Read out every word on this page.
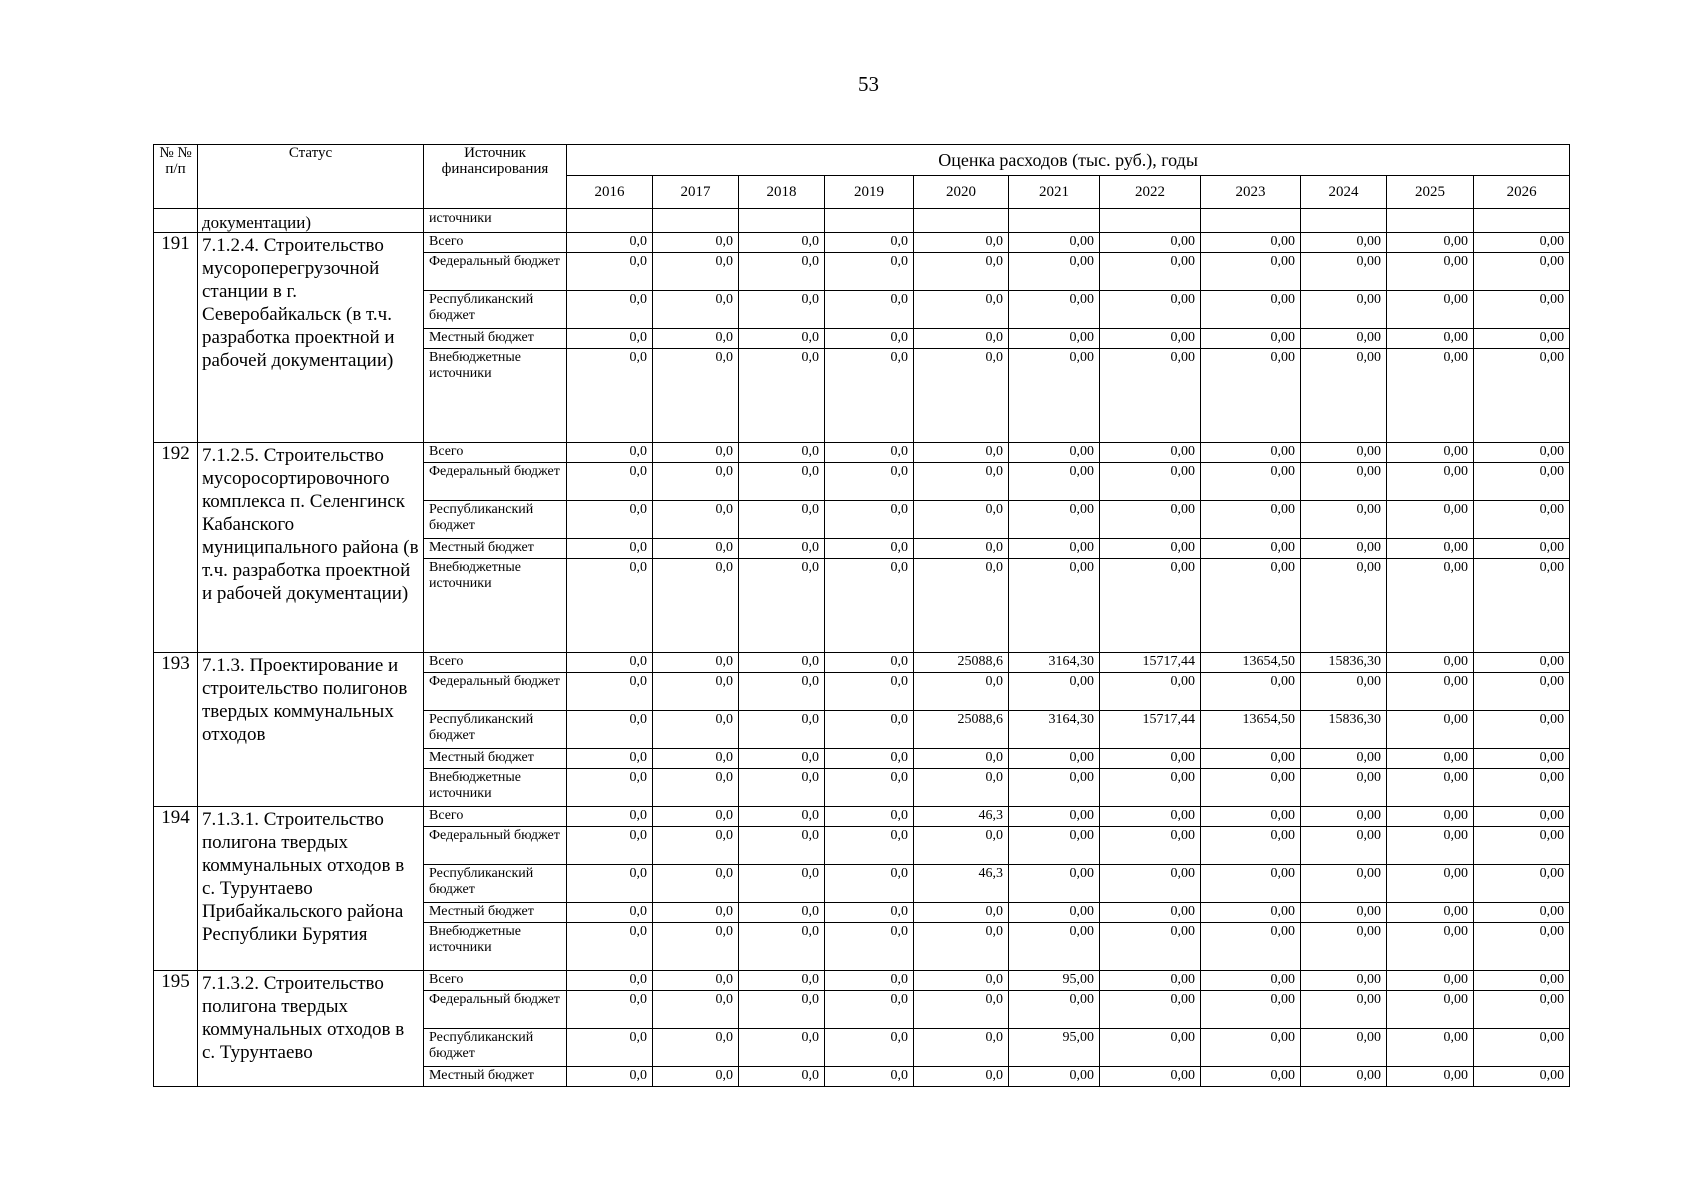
53
№ № п/п	Статус	Источник финансирования	Оценка расходов (тыс. руб.), годы										
			2016	2017	2018	2019	2020	2021	2022	2023	2024	2025	2026
	документации)	источники											
191	7.1.2.4. Строительство мусороперегрузочной станции в г. Северобайкальск (в т.ч. разработка проектной и рабочей документации)	Всего	0,0	0,0	0,0	0,0	0,0	0,00	0,00	0,00	0,00	0,00	0,00
		Федеральный бюджет	0,0	0,0	0,0	0,0	0,0	0,00	0,00	0,00	0,00	0,00	0,00
		Республиканский бюджет	0,0	0,0	0,0	0,0	0,0	0,00	0,00	0,00	0,00	0,00	0,00
		Местный бюджет	0,0	0,0	0,0	0,0	0,0	0,00	0,00	0,00	0,00	0,00	0,00
		Внебюджетные источники	0,0	0,0	0,0	0,0	0,0	0,00	0,00	0,00	0,00	0,00	0,00
192	7.1.2.5. Строительство мусоросортировочного комплекса п. Селенгинск Кабанского муниципального района (в т.ч. разработка проектной и рабочей документации)	Всего	0,0	0,0	0,0	0,0	0,0	0,00	0,00	0,00	0,00	0,00	0,00
		Федеральный бюджет	0,0	0,0	0,0	0,0	0,0	0,00	0,00	0,00	0,00	0,00	0,00
		Республиканский бюджет	0,0	0,0	0,0	0,0	0,0	0,00	0,00	0,00	0,00	0,00	0,00
		Местный бюджет	0,0	0,0	0,0	0,0	0,0	0,00	0,00	0,00	0,00	0,00	0,00
		Внебюджетные источники	0,0	0,0	0,0	0,0	0,0	0,00	0,00	0,00	0,00	0,00	0,00
193	7.1.3. Проектирование и строительство полигонов твердых коммунальных отходов	Всего	0,0	0,0	0,0	0,0	25088,6	3164,30	15717,44	13654,50	15836,30	0,00	0,00
		Федеральный бюджет	0,0	0,0	0,0	0,0	0,0	0,00	0,00	0,00	0,00	0,00	0,00
		Республиканский бюджет	0,0	0,0	0,0	0,0	25088,6	3164,30	15717,44	13654,50	15836,30	0,00	0,00
		Местный бюджет	0,0	0,0	0,0	0,0	0,0	0,00	0,00	0,00	0,00	0,00	0,00
		Внебюджетные источники	0,0	0,0	0,0	0,0	0,0	0,00	0,00	0,00	0,00	0,00	0,00
194	7.1.3.1. Строительство полигона твердых коммунальных отходов в с. Турунтаево Прибайкальского района Республики Бурятия	Всего	0,0	0,0	0,0	0,0	46,3	0,00	0,00	0,00	0,00	0,00	0,00
		Федеральный бюджет	0,0	0,0	0,0	0,0	0,0	0,00	0,00	0,00	0,00	0,00	0,00
		Республиканский бюджет	0,0	0,0	0,0	0,0	46,3	0,00	0,00	0,00	0,00	0,00	0,00
		Местный бюджет	0,0	0,0	0,0	0,0	0,0	0,00	0,00	0,00	0,00	0,00	0,00
		Внебюджетные источники	0,0	0,0	0,0	0,0	0,0	0,00	0,00	0,00	0,00	0,00	0,00
195	7.1.3.2. Строительство полигона твердых коммунальных отходов в с. Турунтаево	Всего	0,0	0,0	0,0	0,0	0,0	95,00	0,00	0,00	0,00	0,00	0,00
		Федеральный бюджет	0,0	0,0	0,0	0,0	0,0	0,00	0,00	0,00	0,00	0,00	0,00
		Республиканский бюджет	0,0	0,0	0,0	0,0	0,0	95,00	0,00	0,00	0,00	0,00	0,00
		Местный бюджет	0,0	0,0	0,0	0,0	0,0	0,00	0,00	0,00	0,00	0,00	0,00
